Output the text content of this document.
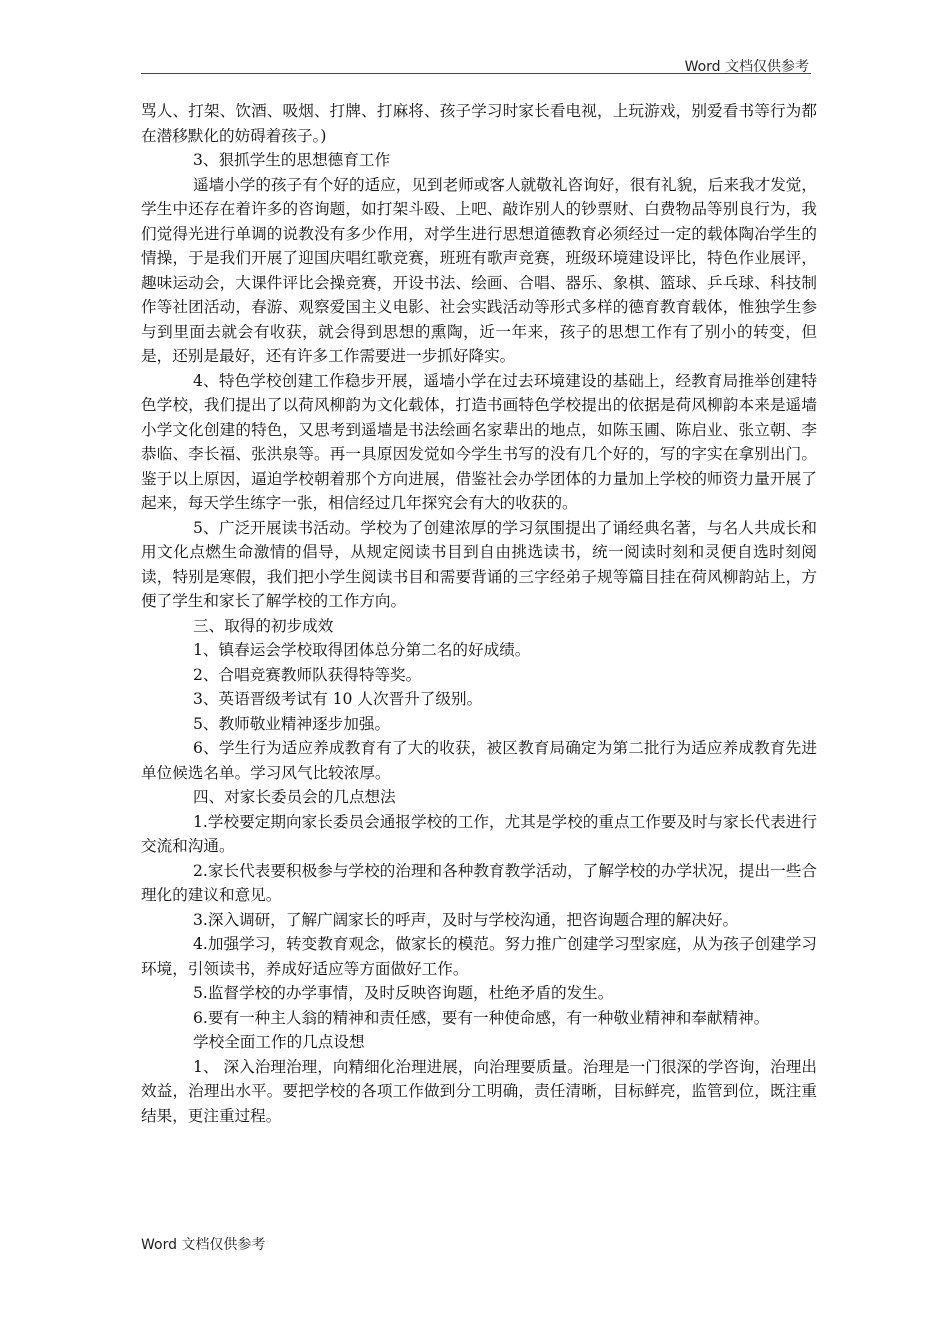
Word 文档仅供参考

骂人、打架、饮酒、吸烟、打牌、打麻将、孩子学习时家长看电视，上玩游戏，别爱看书等行为都在潜移默化的妨碍着孩子。)

3、狠抓学生的思想德育工作

遥墙小学的孩子有个好的适应，见到老师或客人就敬礼咨询好，很有礼貌，后来我才发觉，学生中还存在着许多的咨询题，如打架斗殴、上吧、敲诈别人的钞票财、白费物品等别良行为，我们觉得光进行单调的说教没有多少作用，对学生进行思想道德教育必须经过一定的载体陶冶学生的情操，于是我们开展了迎国庆唱红歌竞赛，班班有歌声竞赛，班级环境建设评比，特色作业展评，趣味运动会，大课件评比会操竞赛，开设书法、绘画、合唱、器乐、象棋、篮球、乒乓球、科技制作等社团活动，春游、观察爱国主义电影、社会实践活动等形式多样的德育教育载体，惟独学生参与到里面去就会有收获，就会得到思想的熏陶，近一年来，孩子的思想工作有了别小的转变，但是，还别是最好，还有许多工作需要进一步抓好降实。

4、特色学校创建工作稳步开展，遥墙小学在过去环境建设的基础上，经教育局推举创建特色学校，我们提出了以荷风柳韵为文化载体，打造书画特色学校提出的依据是荷风柳韵本来是遥墙小学文化创建的特色，又思考到遥墙是书法绘画名家辈出的地点，如陈玉圃、陈启业、张立朝、李恭临、李长福、张洪泉等。再一具原因发觉如今学生书写的没有几个好的，写的字实在拿别出门。鉴于以上原因，逼迫学校朝着那个方向进展，借鉴社会办学团体的力量加上学校的师资力量开展了起来，每天学生练字一张，相信经过几年探究会有大的收获的。

5、广泛开展读书活动。学校为了创建浓厚的学习氛围提出了诵经典名著，与名人共成长和用文化点燃生命激情的倡导，从规定阅读书目到自由挑选读书，统一阅读时刻和灵便自选时刻阅读，特别是寒假，我们把小学生阅读书目和需要背诵的三字经弟子规等篇目挂在荷风柳韵站上，方便了学生和家长了解学校的工作方向。

三、取得的初步成效

1、镇春运会学校取得团体总分第二名的好成绩。

2、合唱竞赛教师队获得特等奖。

3、英语晋级考试有 10 人次晋升了级别。

5、教师敬业精神逐步加强。

6、学生行为适应养成教育有了大的收获，被区教育局确定为第二批行为适应养成教育先进单位候选名单。学习风气比较浓厚。

四、对家长委员会的几点想法

1.学校要定期向家长委员会通报学校的工作，尤其是学校的重点工作要及时与家长代表进行交流和沟通。

2.家长代表要积极参与学校的治理和各种教育教学活动，了解学校的办学状况，提出一些合理化的建议和意见。

3.深入调研，了解广阔家长的呼声，及时与学校沟通，把咨询题合理的解决好。

4.加强学习，转变教育观念，做家长的模范。努力推广创建学习型家庭，从为孩子创建学习环境，引领读书，养成好适应等方面做好工作。

5.监督学校的办学事情，及时反映咨询题，杜绝矛盾的发生。

6.要有一种主人翁的精神和责任感，要有一种使命感，有一种敬业精神和奉献精神。

学校全面工作的几点设想

1、 深入治理治理，向精细化治理进展，向治理要质量。治理是一门很深的学咨询，治理出效益，治理出水平。要把学校的各项工作做到分工明确，责任清晰，目标鲜亮，监管到位，既注重结果，更注重过程。

Word 文档仅供参考
